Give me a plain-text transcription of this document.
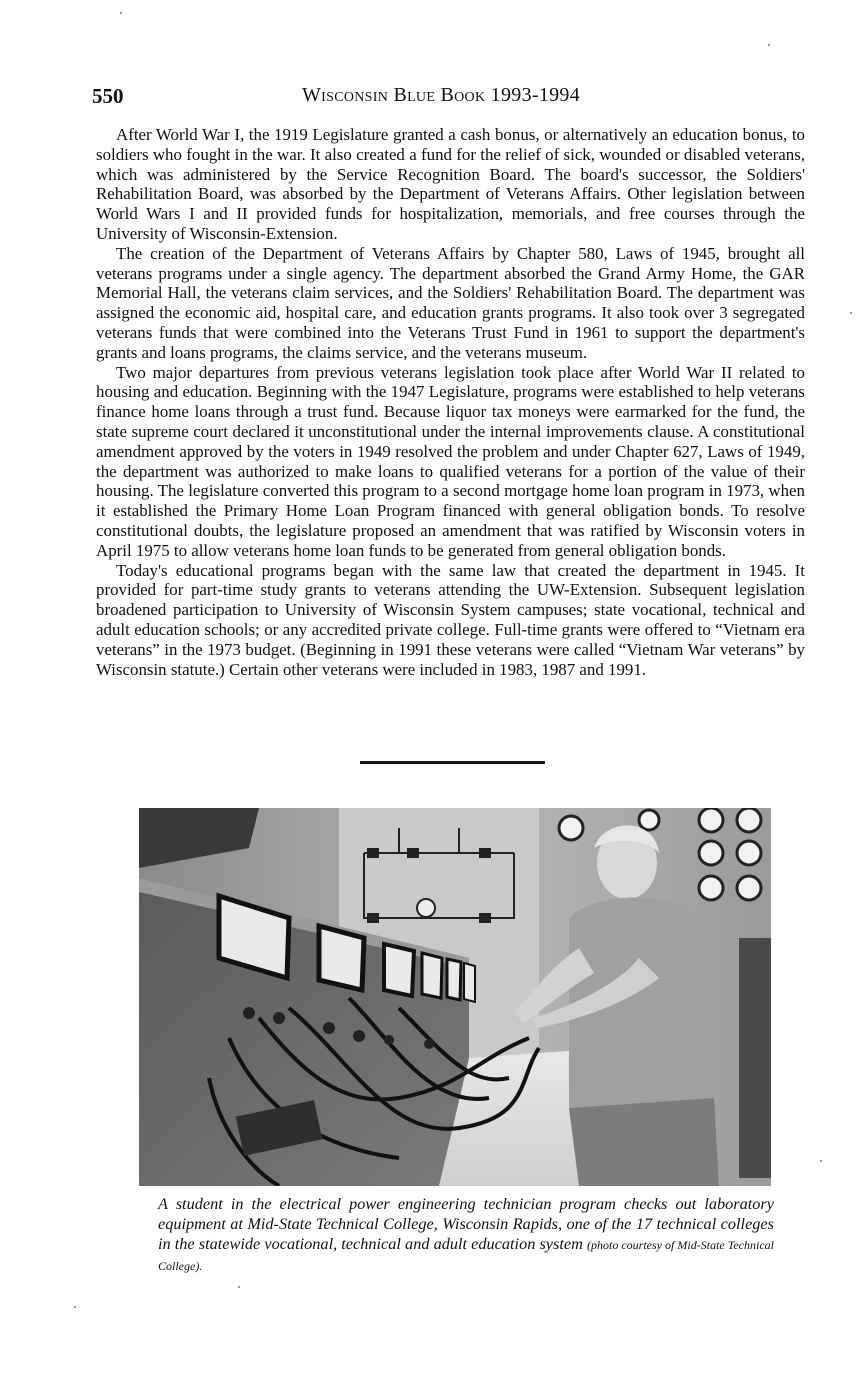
550	Wisconsin Blue Book 1993-1994

After World War I, the 1919 Legislature granted a cash bonus, or alternatively an education bonus, to soldiers who fought in the war. It also created a fund for the relief of sick, wounded or disabled veterans, which was administered by the Service Recognition Board. The board's successor, the Soldiers' Rehabilitation Board, was absorbed by the Department of Veterans Affairs. Other legislation between World Wars I and II provided funds for hospitalization, memorials, and free courses through the University of Wisconsin-Extension.

The creation of the Department of Veterans Affairs by Chapter 580, Laws of 1945, brought all veterans programs under a single agency. The department absorbed the Grand Army Home, the GAR Memorial Hall, the veterans claim services, and the Soldiers' Rehabilitation Board. The department was assigned the economic aid, hospital care, and education grants programs. It also took over 3 segregated veterans funds that were combined into the Veterans Trust Fund in 1961 to support the department's grants and loans programs, the claims service, and the veterans museum.

Two major departures from previous veterans legislation took place after World War II related to housing and education. Beginning with the 1947 Legislature, programs were established to help veterans finance home loans through a trust fund. Because liquor tax moneys were earmarked for the fund, the state supreme court declared it unconstitutional under the internal improvements clause. A constitutional amendment approved by the voters in 1949 resolved the problem and under Chapter 627, Laws of 1949, the department was authorized to make loans to qualified veterans for a portion of the value of their housing. The legislature converted this program to a second mortgage home loan program in 1973, when it established the Primary Home Loan Program financed with general obligation bonds. To resolve constitutional doubts, the legislature proposed an amendment that was ratified by Wisconsin voters in April 1975 to allow veterans home loan funds to be generated from general obligation bonds.

Today's educational programs began with the same law that created the department in 1945. It provided for part-time study grants to veterans attending the UW-Extension. Subsequent legislation broadened participation to University of Wisconsin System campuses; state vocational, technical and adult education schools; or any accredited private college. Full-time grants were offered to “Vietnam era veterans” in the 1973 budget. (Beginning in 1991 these veterans were called “Vietnam War veterans” by Wisconsin statute.) Certain other veterans were included in 1983, 1987 and 1991.

A student in the electrical power engineering technician program checks out laboratory equipment at Mid-State Technical College, Wisconsin Rapids, one of the 17 technical colleges in the statewide vocational, technical and adult education system (photo courtesy of Mid-State Technical College).
